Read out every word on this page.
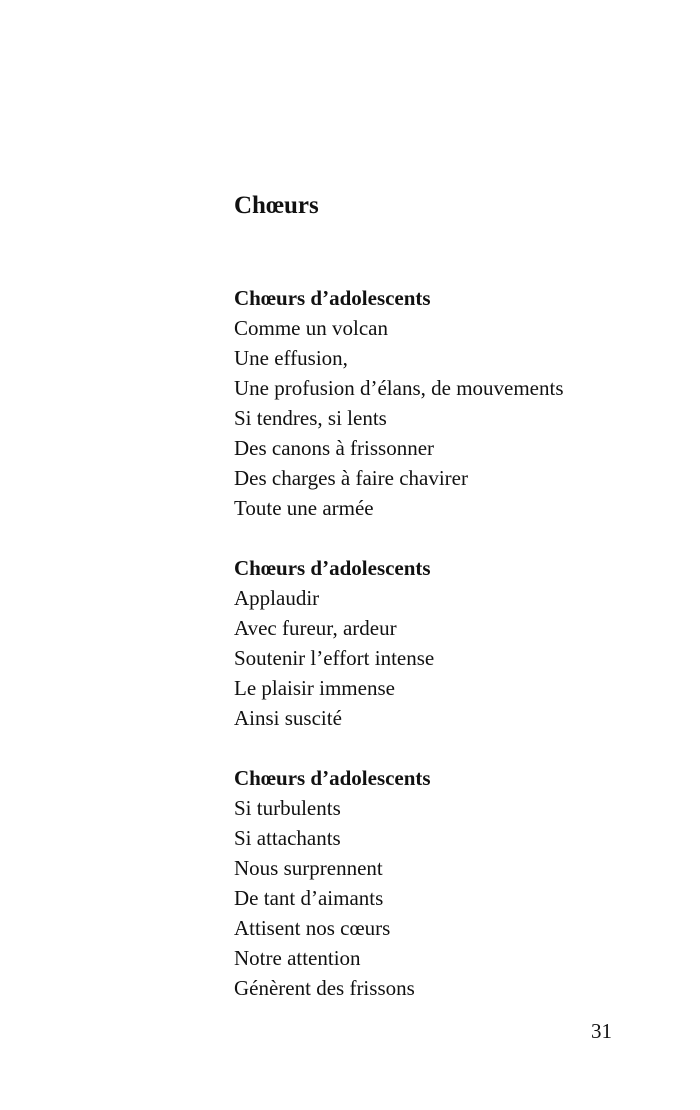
Chœurs
Chœurs d’adolescents
Comme un volcan
Une effusion,
Une profusion d’élans, de mouvements
Si tendres, si lents
Des canons à frissonner
Des charges à faire chavirer
Toute une armée
Chœurs d’adolescents
Applaudir
Avec fureur, ardeur
Soutenir l’effort intense
Le plaisir immense
Ainsi suscité
Chœurs d’adolescents
Si turbulents
Si attachants
Nous surprennent
De tant d’aimants
Attisent nos cœurs
Notre attention
Génèrent des frissons
31
